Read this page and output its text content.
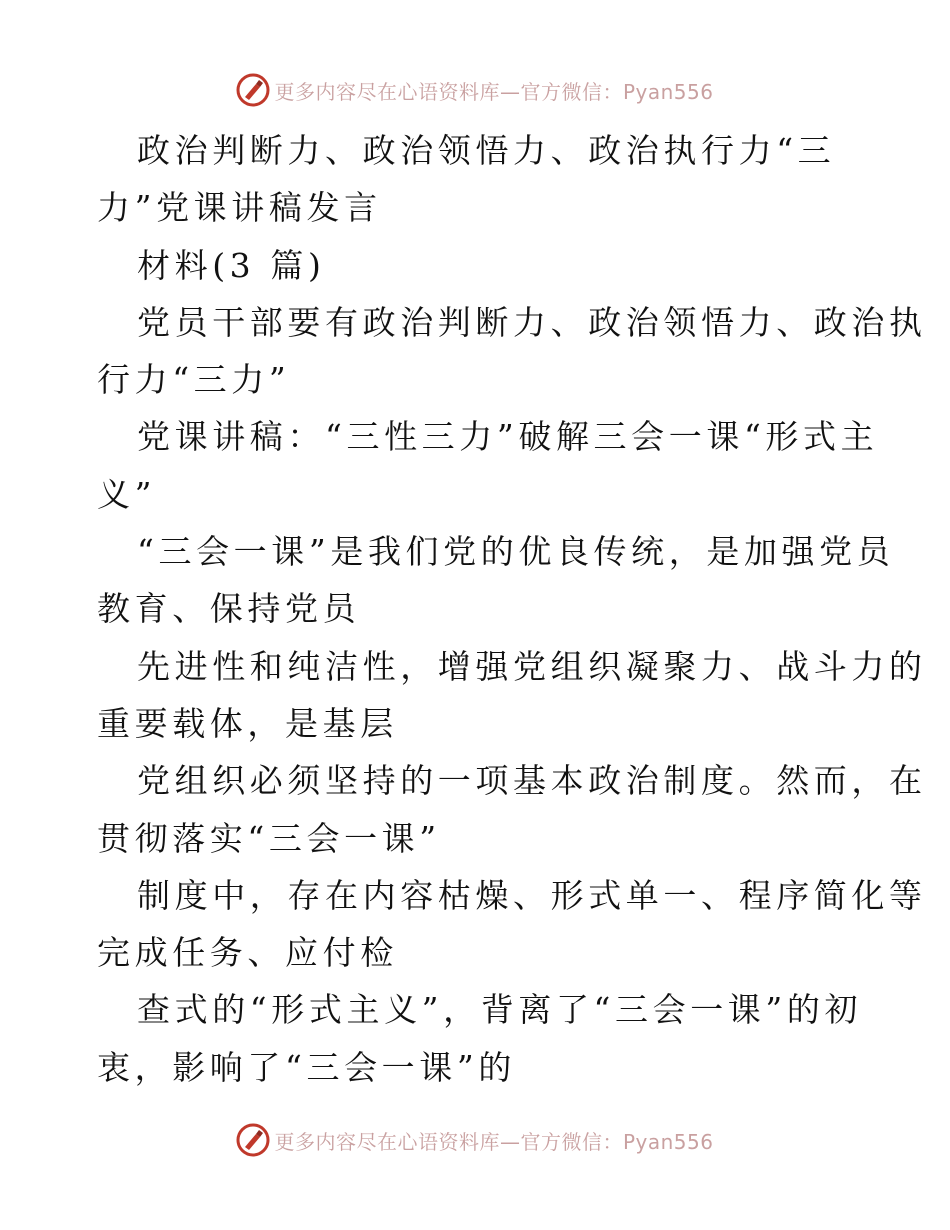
更多内容尽在心语资料库—官方微信：Pyan556
政治判断力、政治领悟力、政治执行力“三
力”党课讲稿发言
材料(3 篇)
党员干部要有政治判断力、政治领悟力、政治执
行力“三力”
党课讲稿：“三性三力”破解三会一课“形式主
义”
“三会一课”是我们党的优良传统，是加强党员
教育、保持党员
先进性和纯洁性，增强党组织凝聚力、战斗力的
重要载体，是基层
党组织必须坚持的一项基本政治制度。然而，在
贯彻落实“三会一课”
制度中，存在内容枯燥、形式单一、程序简化等
完成任务、应付检
查式的“形式主义”，背离了“三会一课”的初
衷，影响了“三会一课”的
更多内容尽在心语资料库—官方微信：Pyan556
